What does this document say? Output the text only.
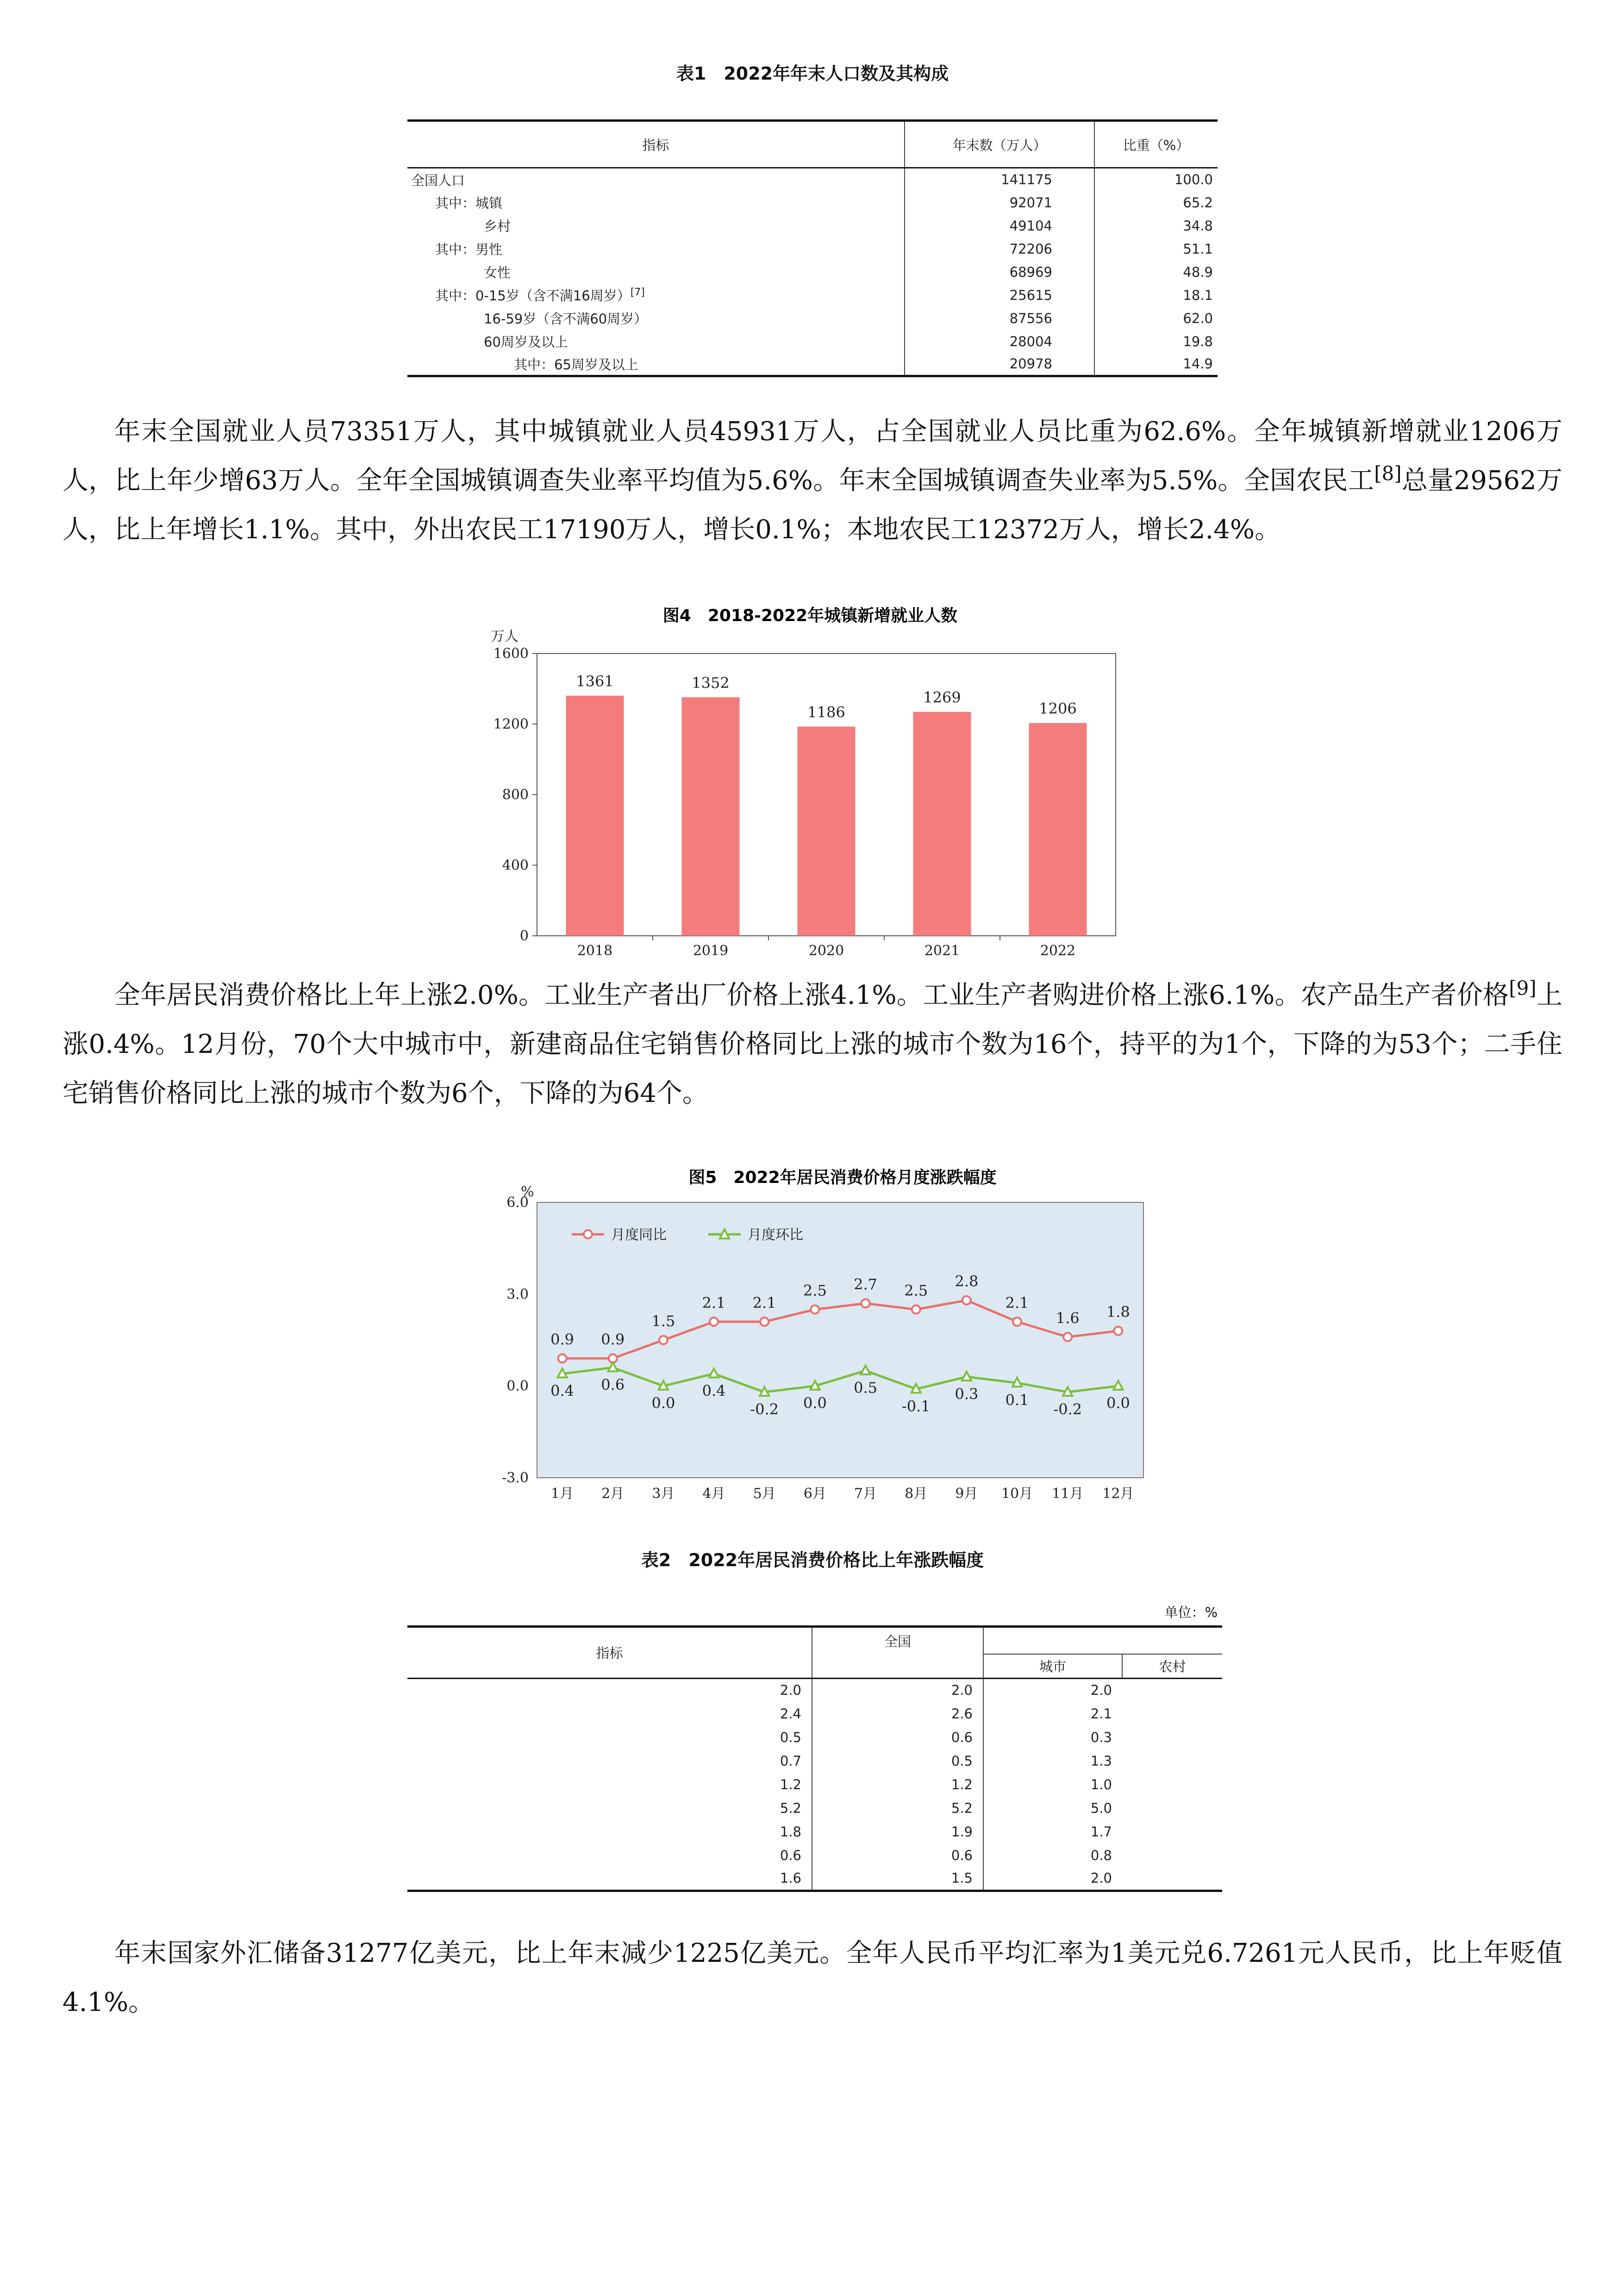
表1　2022年年末人口数及其构成
指标	年末数（万人）	比重（%）
全国人口	141175	100.0
其中：城镇	92071	65.2
乡村	49104	34.8
其中：男性	72206	51.1
女性	68969	48.9
其中：0-15岁（含不满16周岁）[7]	25615	18.1
16-59岁（含不满60周岁）	87556	62.0
60周岁及以上	28004	19.8
其中：65周岁及以上	20978	14.9

年末全国就业人员73351万人，其中城镇就业人员45931万人，占全国就业人员比重为62.6%。全年城镇新增就业1206万人，比上年少增63万人。全年全国城镇调查失业率平均值为5.6%。年末全国城镇调查失业率为5.5%。全国农民工[8]总量29562万人，比上年增长1.1%。其中，外出农民工17190万人，增长0.1%；本地农民工12372万人，增长2.4%。

图4　2018-2022年城镇新增就业人数
万人
0
400
800
1200
1600
1361
2018
1352
2019
1186
2020
1269
2021
1206
2022

全年居民消费价格比上年上涨2.0%。工业生产者出厂价格上涨4.1%。工业生产者购进价格上涨6.1%。农产品生产者价格[9]上涨0.4%。12月份，70个大中城市中，新建商品住宅销售价格同比上涨的城市个数为16个，持平的为1个，下降的为53个；二手住宅销售价格同比上涨的城市个数为6个，下降的为64个。

图5　2022年居民消费价格月度涨跌幅度
%
月度同比	月度环比
-3.0
0.0
3.0
6.0
1月 2月 3月 4月 5月 6月 7月 8月 9月 10月 11月 12月
0.9 0.9
1.5
2.1 2.1
2.5 2.7 2.5
2.8
2.1
1.6 1.8
0.4 0.6
0.0
0.4
-0.2 0.0
0.5
-0.1
0.3 0.1
-0.2 0.0
表2　2022年居民消费价格比上年涨跌幅度
单位：%
指标	全国		
		城市	农村
2.0	2.0	2.0	
2.4	2.6	2.1	
0.5	0.6	0.3	
0.7	0.5	1.3	
1.2	1.2	1.0	
5.2	5.2	5.0	
1.8	1.9	1.7	
0.6	0.6	0.8	
1.6	1.5	2.0	

年末国家外汇储备31277亿美元，比上年末减少1225亿美元。全年人民币平均汇率为1美元兑6.7261元人民币，比上年贬值4.1%。
